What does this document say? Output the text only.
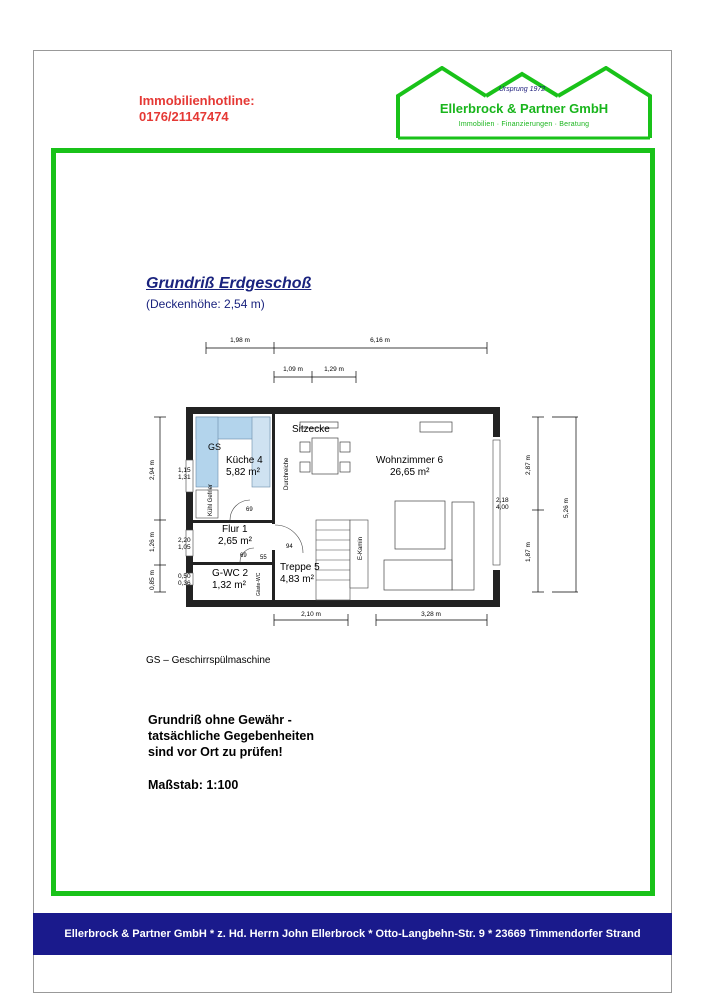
Immobilienhotline:
0176/21147474
Ursprung 1972
Ellerbrock & Partner GmbH
Immobilien · Finanzierungen · Beratung
Grundriß Erdgeschoß
(Deckenhöhe: 2,54 m)
1,98 m	6,16 m
1,09 m	1,29 m
2,10 m	3,28 m
2,94 m
1,26 m
0,85 m
2,87 m
1,87 m
5,26 m
1,15 1,31
2,20 1,05
0,50 0,36
2,18 4,00
GS
Küche 4
5,82 m²
Flur 1
2,65 m²
G-WC 2
1,32 m²
Treppe 5
4,83 m²
Wohnzimmer 6
26,65 m²
Sitzecke
Kühl Gefrier
Durchreiche
E-Kamin
Gäste-WC
69
94
55
69
GS – Geschirrspülmaschine
Grundriß ohne Gewähr -
tatsächliche Gegebenheiten
sind vor Ort zu prüfen!
Maßstab: 1:100
Ellerbrock & Partner GmbH * z. Hd. Herrn John Ellerbrock * Otto-Langbehn-Str. 9 * 23669 Timmendorfer Strand
